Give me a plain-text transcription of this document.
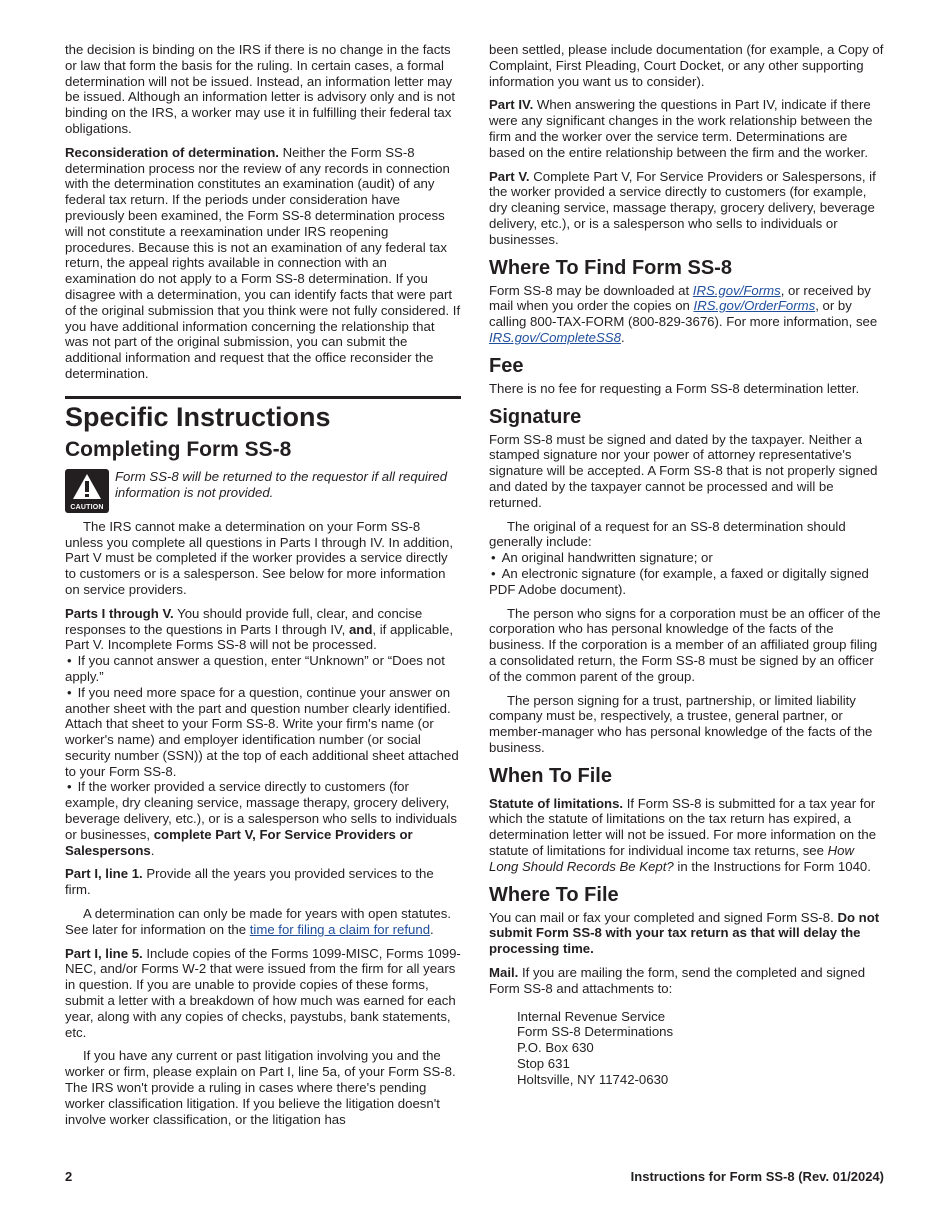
the decision is binding on the IRS if there is no change in the facts or law that form the basis for the ruling. In certain cases, a formal determination will not be issued. Instead, an information letter may be issued. Although an information letter is advisory only and is not binding on the IRS, a worker may use it in fulfilling their federal tax obligations.

Reconsideration of determination. Neither the Form SS-8 determination process nor the review of any records in connection with the determination constitutes an examination (audit) of any federal tax return. If the periods under consideration have previously been examined, the Form SS-8 determination process will not constitute a reexamination under IRS reopening procedures. Because this is not an examination of any federal tax return, the appeal rights available in connection with an examination do not apply to a Form SS-8 determination. If you disagree with a determination, you can identify facts that were part of the original submission that you think were not fully considered. If you have additional information concerning the relationship that was not part of the original submission, you can submit the additional information and request that the office reconsider the determination.

Specific Instructions
Completing Form SS-8
CAUTION
Form SS-8 will be returned to the requestor if all required information is not provided.

The IRS cannot make a determination on your Form SS-8 unless you complete all questions in Parts I through IV. In addition, Part V must be completed if the worker provides a service directly to customers or is a salesperson. See below for more information on service providers.

Parts I through V. You should provide full, clear, and concise responses to the questions in Parts I through IV, and, if applicable, Part V. Incomplete Forms SS-8 will not be processed.
• If you cannot answer a question, enter “Unknown” or “Does not apply.”
• If you need more space for a question, continue your answer on another sheet with the part and question number clearly identified. Attach that sheet to your Form SS-8. Write your firm's name (or worker's name) and employer identification number (or social security number (SSN)) at the top of each additional sheet attached to your Form SS-8.
• If the worker provided a service directly to customers (for example, dry cleaning service, massage therapy, grocery delivery, beverage delivery, etc.), or is a salesperson who sells to individuals or businesses, complete Part V, For Service Providers or Salespersons.

Part I, line 1. Provide all the years you provided services to the firm.

A determination can only be made for years with open statutes. See later for information on the time for filing a claim for refund.

Part I, line 5. Include copies of the Forms 1099-MISC, Forms 1099-NEC, and/or Forms W-2 that were issued from the firm for all years in question. If you are unable to provide copies of these forms, submit a letter with a breakdown of how much was earned for each year, along with any copies of checks, paystubs, bank statements, etc.

If you have any current or past litigation involving you and the worker or firm, please explain on Part I, line 5a, of your Form SS-8. The IRS won't provide a ruling in cases where there's pending worker classification litigation. If you believe the litigation doesn't involve worker classification, or the litigation has

been settled, please include documentation (for example, a Copy of Complaint, First Pleading, Court Docket, or any other supporting information you want us to consider).

Part IV. When answering the questions in Part IV, indicate if there were any significant changes in the work relationship between the firm and the worker over the service term. Determinations are based on the entire relationship between the firm and the worker.

Part V. Complete Part V, For Service Providers or Salespersons, if the worker provided a service directly to customers (for example, dry cleaning service, massage therapy, grocery delivery, beverage delivery, etc.), or is a salesperson who sells to individuals or businesses.

Where To Find Form SS-8

Form SS-8 may be downloaded at IRS.gov/Forms, or received by mail when you order the copies on IRS.gov/OrderForms, or by calling 800-TAX-FORM (800-829-3676). For more information, see IRS.gov/CompleteSS8.

Fee

There is no fee for requesting a Form SS-8 determination letter.

Signature

Form SS-8 must be signed and dated by the taxpayer. Neither a stamped signature nor your power of attorney representative's signature will be accepted. A Form SS-8 that is not properly signed and dated by the taxpayer cannot be processed and will be returned.

The original of a request for an SS-8 determination should generally include:
• An original handwritten signature; or
• An electronic signature (for example, a faxed or digitally signed PDF Adobe document).

The person who signs for a corporation must be an officer of the corporation who has personal knowledge of the facts of the business. If the corporation is a member of an affiliated group filing a consolidated return, the Form SS-8 must be signed by an officer of the common parent of the group.

The person signing for a trust, partnership, or limited liability company must be, respectively, a trustee, general partner, or member-manager who has personal knowledge of the facts of the business.

When To File

Statute of limitations. If Form SS-8 is submitted for a tax year for which the statute of limitations on the tax return has expired, a determination letter will not be issued. For more information on the statute of limitations for individual income tax returns, see How Long Should Records Be Kept? in the Instructions for Form 1040.

Where To File

You can mail or fax your completed and signed Form SS-8. Do not submit Form SS-8 with your tax return as that will delay the processing time.

Mail. If you are mailing the form, send the completed and signed Form SS-8 and attachments to:

Internal Revenue Service
Form SS-8 Determinations
P.O. Box 630
Stop 631
Holtsville, NY 11742-0630
2	Instructions for Form SS-8 (Rev. 01/2024)
